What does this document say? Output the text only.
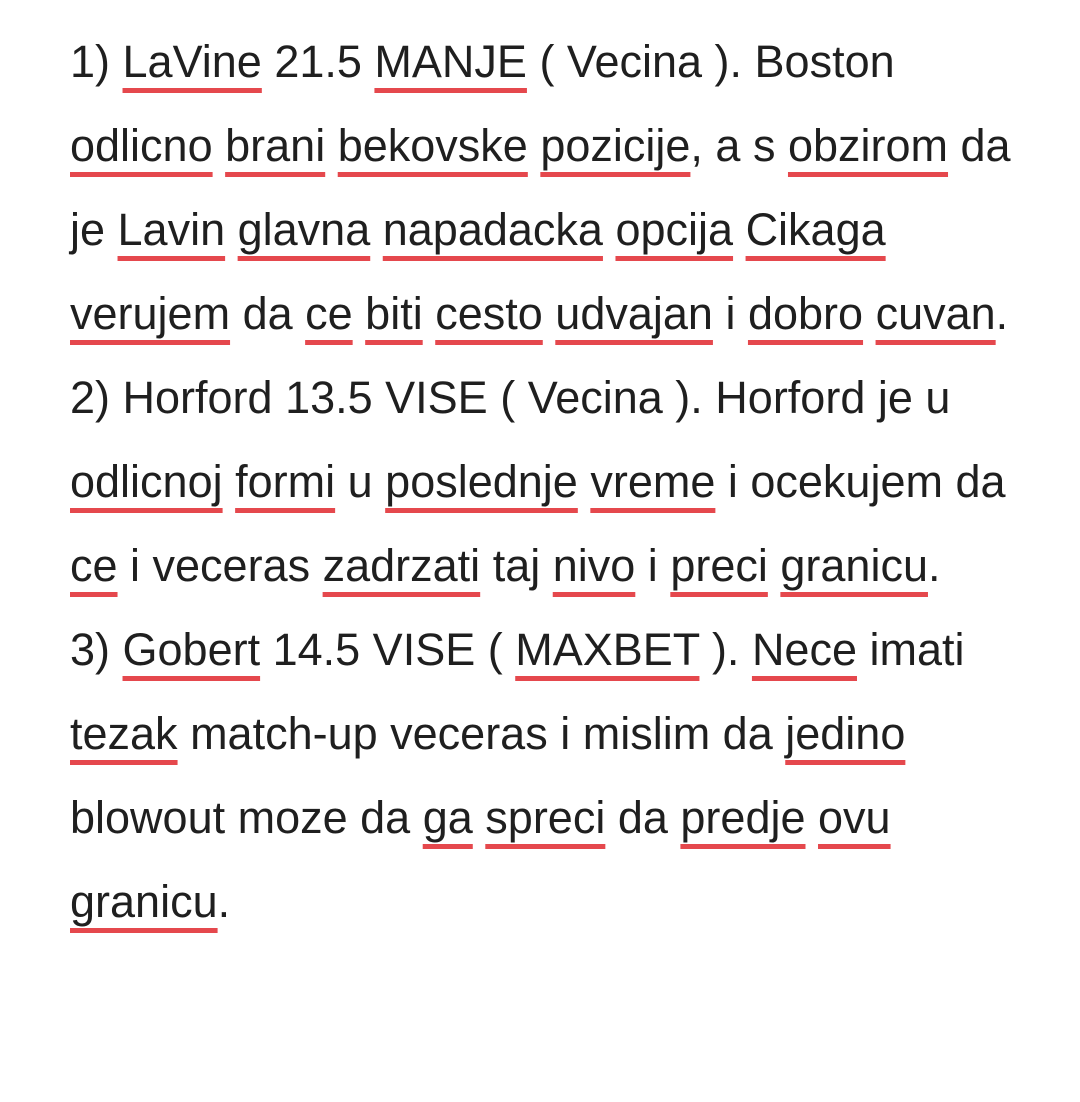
1) LaVine 21.5 MANJE ( Vecina ). Boston odlicno brani bekovske pozicije, a s obzirom da je Lavin glavna napadacka opcija Cikaga verujem da ce biti cesto udvajan i dobro cuvan.

2) Horford 13.5 VISE ( Vecina ). Horford je u odlicnoj formi u poslednje vreme i ocekujem da ce i veceras zadrzati taj nivo i preci granicu.

3) Gobert 14.5 VISE ( MAXBET ). Nece imati tezak match-up veceras i mislim da jedino blowout moze da ga spreci da predje ovu granicu.
